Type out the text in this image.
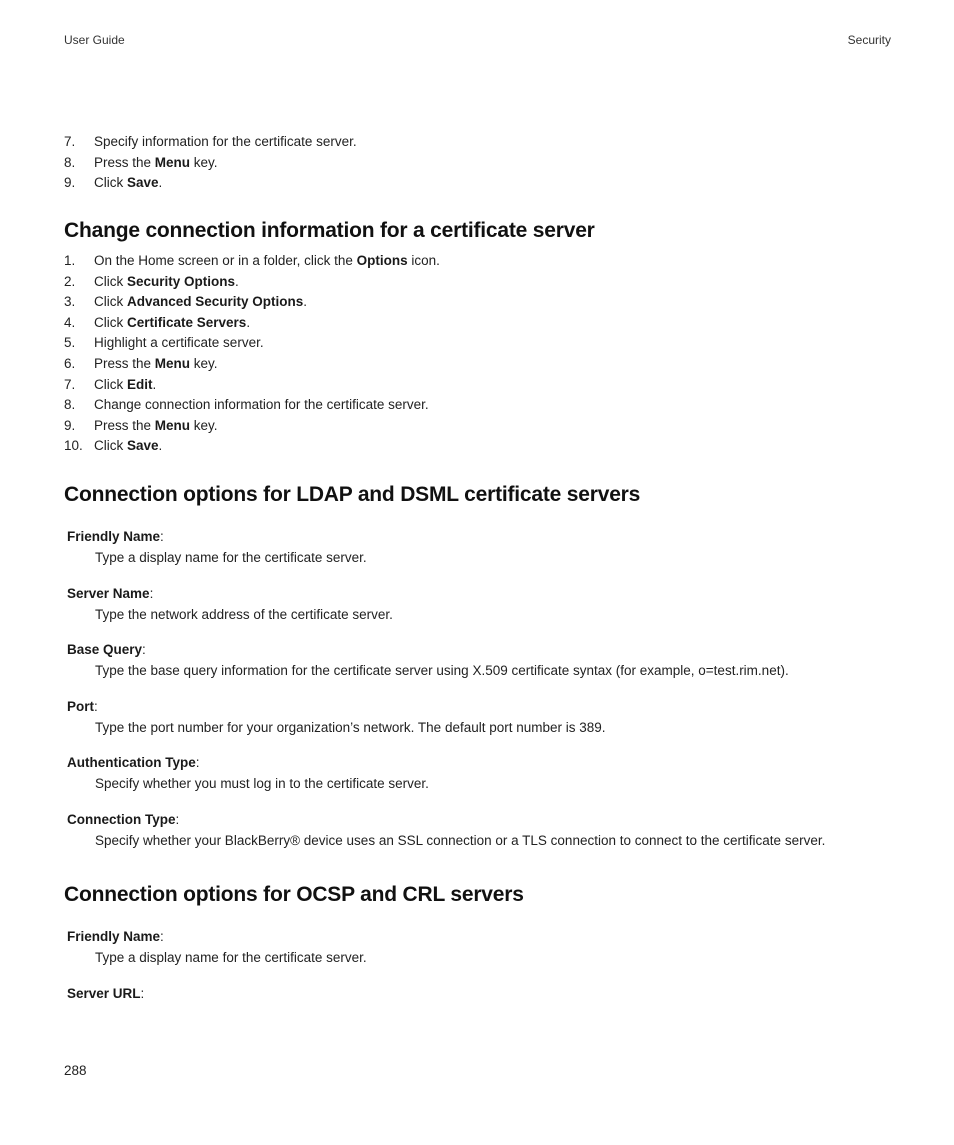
User Guide	Security
7. Specify information for the certificate server.
8. Press the Menu key.
9. Click Save.
Change connection information for a certificate server
1. On the Home screen or in a folder, click the Options icon.
2. Click Security Options.
3. Click Advanced Security Options.
4. Click Certificate Servers.
5. Highlight a certificate server.
6. Press the Menu key.
7. Click Edit.
8. Change connection information for the certificate server.
9. Press the Menu key.
10. Click Save.
Connection options for LDAP and DSML certificate servers
Friendly Name:
Type a display name for the certificate server.
Server Name:
Type the network address of the certificate server.
Base Query:
Type the base query information for the certificate server using X.509 certificate syntax (for example, o=test.rim.net).
Port:
Type the port number for your organization’s network. The default port number is 389.
Authentication Type:
Specify whether you must log in to the certificate server.
Connection Type:
Specify whether your BlackBerry® device uses an SSL connection or a TLS connection to connect to the certificate server.
Connection options for OCSP and CRL servers
Friendly Name:
Type a display name for the certificate server.
Server URL:
288
